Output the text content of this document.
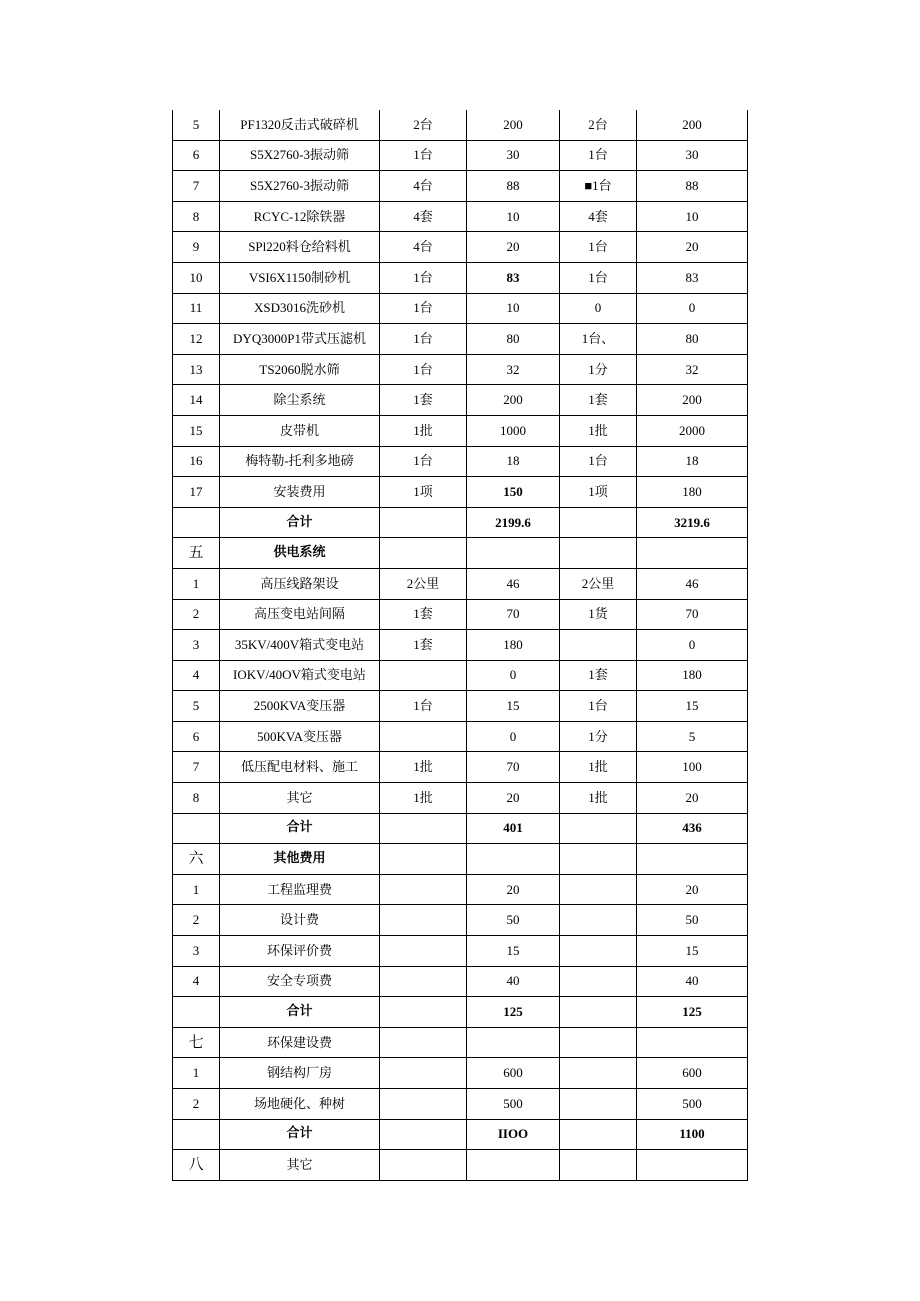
5	PF1320反击式破碎机	2台	200	2台	200
6	S5X2760-3振动筛	1台	30	1台	30
7	S5X2760-3振动筛	4台	88	■1台	88
8	RCYC-12除铁器	4套	10	4套	10
9	SPl220料仓给料机	4台	20	1台	20
10	VSI6X1150制砂机	1台	83	1台	83
11	XSD3016洗砂机	1台	10	0	0
12	DYQ3000P1带式压滤机	1台	80	1台、	80
13	TS2060脱水筛	1台	32	1分	32
14	除尘系统	1套	200	1套	200
15	皮带机	1批	1000	1批	2000
16	梅特勒-托利多地磅	1台	18	1台	18
17	安装费用	1项	150	1项	180
	合计		2199.6		3219.6
五	供电系统				
1	高压线路架设	2公里	46	2公里	46
2	高压变电站间隔	1套	70	1货	70
3	35KV/400V箱式变电站	1套	180		0
4	IOKV/40OV箱式变电站		0	1套	180
5	2500KVA变压器	1台	15	1台	15
6	500KVA变压器		0	1分	5
7	低压配电材料、施工	1批	70	1批	100
8	其它	1批	20	1批	20
	合计		401		436
六	其他费用				
1	工程监理费		20		20
2	设计费		50		50
3	环保评价费		15		15
4	安全专项费		40		40
	合计		125		125
七	环保建设费				
1	钢结构厂房		600		600
2	场地硬化、种树		500		500
	合计		IIOO		1100
八	其它				
